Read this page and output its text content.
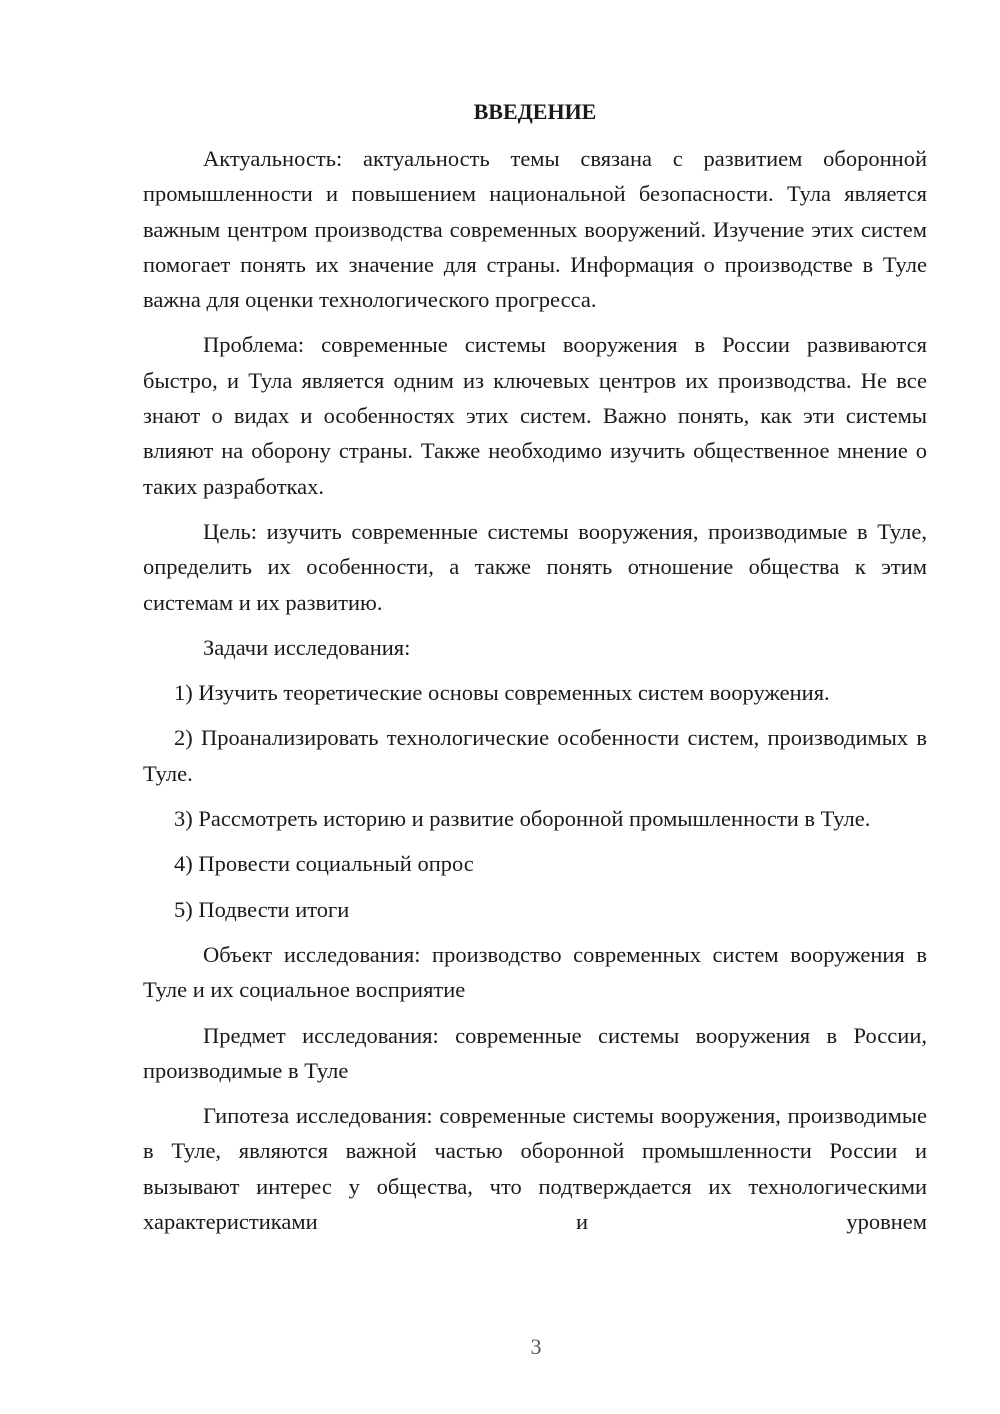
ВВЕДЕНИЕ

Актуальность: актуальность темы связана с развитием оборонной промышленности и повышением национальной безопасности. Тула является важным центром производства современных вооружений. Изучение этих систем помогает понять их значение для страны. Информация о производстве в Туле важна для оценки технологического прогресса.

Проблема: современные системы вооружения в России развиваются быстро, и Тула является одним из ключевых центров их производства. Не все знают о видах и особенностях этих систем. Важно понять, как эти системы влияют на оборону страны. Также необходимо изучить общественное мнение о таких разработках.

Цель: изучить современные системы вооружения, производимые в Туле, определить их особенности, а также понять отношение общества к этим системам и их развитию.

Задачи исследования:

1) Изучить теоретические основы современных систем вооружения.

2) Проанализировать технологические особенности систем, производимых в Туле.

3) Рассмотреть историю и развитие оборонной промышленности в Туле.

4) Провести социальный опрос

5) Подвести итоги

Объект исследования: производство современных систем вооружения в Туле и их социальное восприятие

Предмет исследования: современные системы вооружения в России, производимые в Туле

Гипотеза исследования: современные системы вооружения, производимые в Туле, являются важной частью оборонной промышленности России и вызывают интерес у общества, что подтверждается их технологическими характеристиками и уровнем

3
